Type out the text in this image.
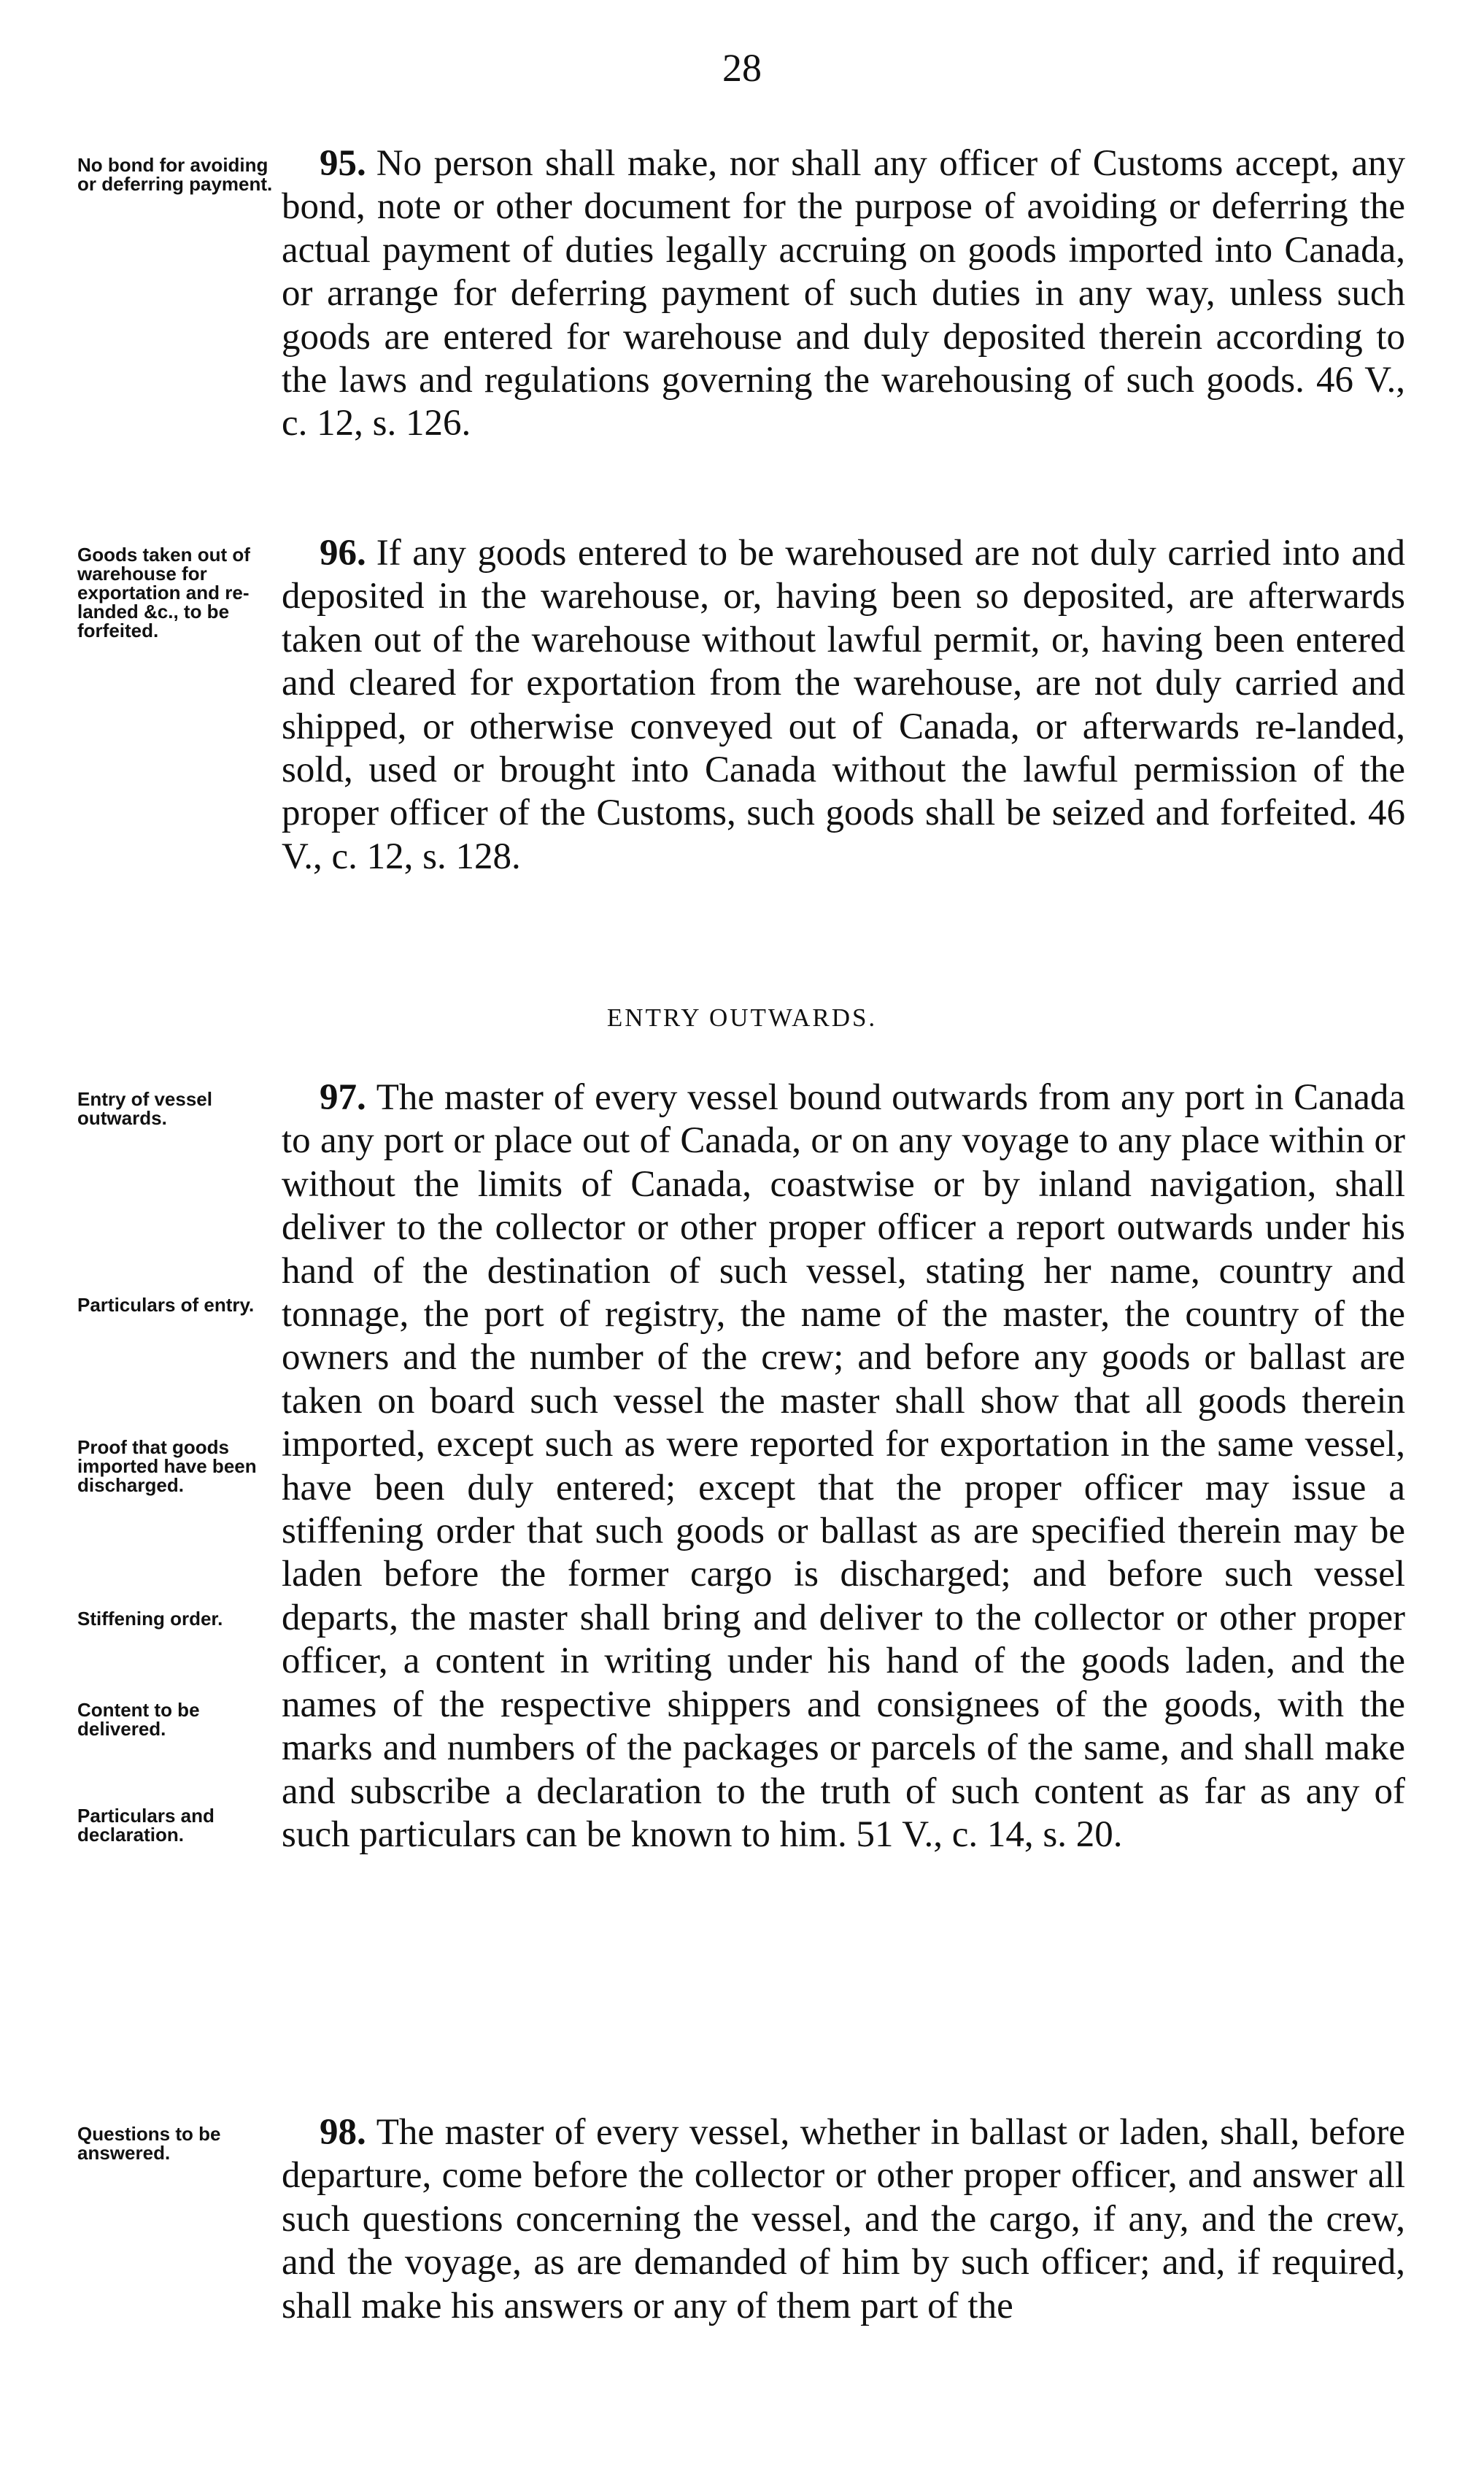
28

No bond for avoiding or deferring payment.	95. No person shall make, nor shall any officer of Customs accept, any bond, note or other document for the purpose of avoiding or deferring the actual payment of duties legally accruing on goods imported into Canada, or arrange for deferring payment of such duties in any way, unless such goods are entered for warehouse and duly deposited therein according to the laws and regulations governing the warehousing of such goods. 46 V., c. 12, s. 126.

Goods taken out of warehouse for exportation and re-landed &c., to be forfeited.

96. If any goods entered to be warehoused are not duly carried into and deposited in the warehouse, or, having been so deposited, are afterwards taken out of the warehouse without lawful permit, or, having been entered and cleared for exportation from the warehouse, are not duly carried and shipped, or otherwise conveyed out of Canada, or afterwards re-landed, sold, used or brought into Canada without the lawful permission of the proper officer of the Customs, such goods shall be seized and forfeited. 46 V., c. 12, s. 128.

ENTRY OUTWARDS.

Entry of vessel outwards.

Particulars of entry.

Proof that goods imported have been discharged.

Stiffening order.

Content to be delivered.

Particulars and declaration.

97. The master of every vessel bound outwards from any port in Canada to any port or place out of Canada, or on any voyage to any place within or without the limits of Canada, coastwise or by inland navigation, shall deliver to the collector or other proper officer a report outwards under his hand of the destination of such vessel, stating her name, country and tonnage, the port of registry, the name of the master, the country of the owners and the number of the crew; and before any goods or ballast are taken on board such vessel the master shall show that all goods therein imported, except such as were reported for exportation in the same vessel, have been duly entered; except that the proper officer may issue a stiffening order that such goods or ballast as are specified therein may be laden before the former cargo is discharged; and before such vessel departs, the master shall bring and deliver to the collector or other proper officer, a content in writing under his hand of the goods laden, and the names of the respective shippers and consignees of the goods, with the marks and numbers of the packages or parcels of the same, and shall make and subscribe a declaration to the truth of such content as far as any of such particulars can be known to him. 51 V., c. 14, s. 20.

Questions to be answered.	98. The master of every vessel, whether in ballast or laden, shall, before departure, come before the collector or other proper officer, and answer all such questions concerning the vessel, and the cargo, if any, and the crew, and the voyage, as are demanded of him by such officer; and, if required, shall make his answers or any of them part of the
